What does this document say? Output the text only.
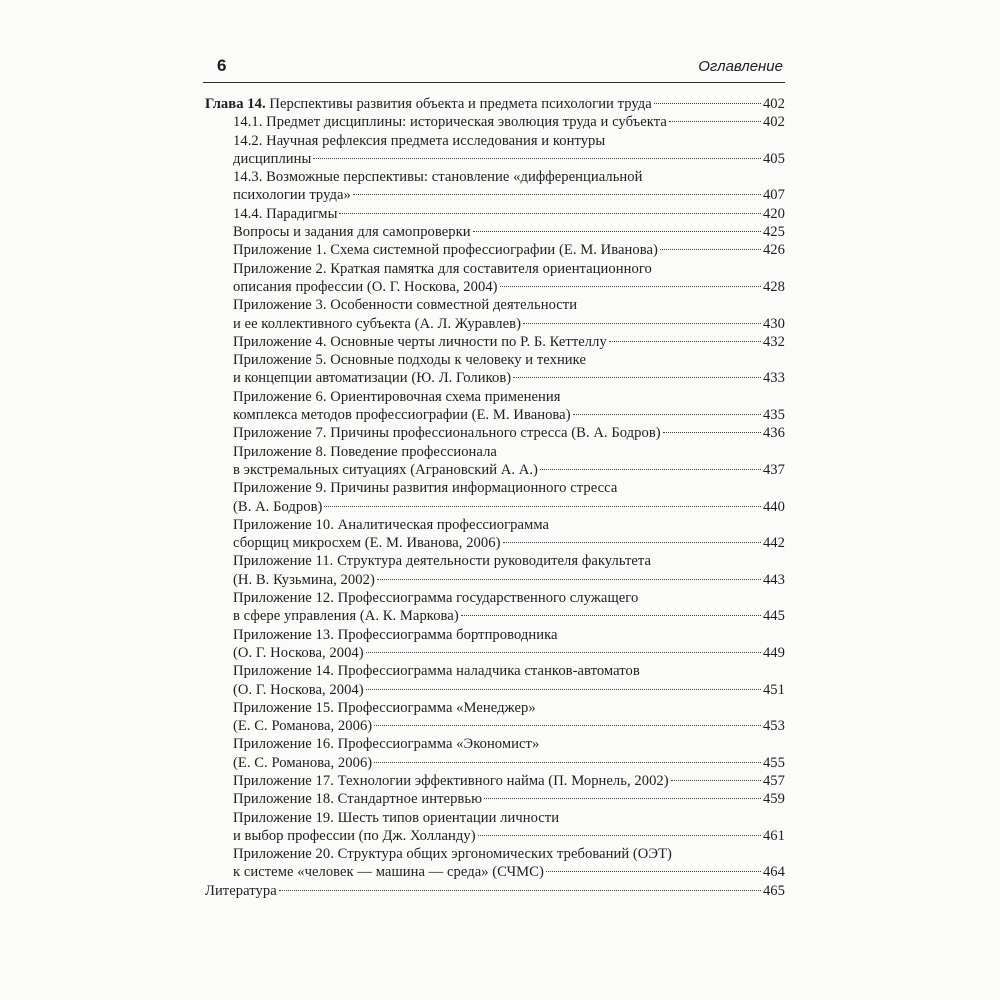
6	Оглавление
Глава 14. Перспективы развития объекта и предмета психологии труда	402
14.1. Предмет дисциплины: историческая эволюция труда и субъекта	402
14.2. Научная рефлексия предмета исследования и контуры
дисциплины	405
14.3. Возможные перспективы: становление «дифференциальной
психологии труда»	407
14.4. Парадигмы	420
Вопросы и задания для самопроверки	425
Приложение 1. Схема системной профессиографии (Е. М. Иванова)	426
Приложение 2. Краткая памятка для составителя ориентационного
описания профессии (О. Г. Носкова, 2004)	428
Приложение 3. Особенности совместной деятельности
и ее коллективного субъекта (А. Л. Журавлев)	430
Приложение 4. Основные черты личности по Р. Б. Кеттеллу	432
Приложение 5. Основные подходы к человеку и технике
и концепции автоматизации (Ю. Л. Голиков)	433
Приложение 6. Ориентировочная схема применения
комплекса методов профессиографии (Е. М. Иванова)	435
Приложение 7. Причины профессионального стресса (В. А. Бодров)	436
Приложение 8. Поведение профессионала
в экстремальных ситуациях (Аграновский А. А.)	437
Приложение 9. Причины развития информационного стресса
(В. А. Бодров)	440
Приложение 10. Аналитическая профессиограмма
сборщиц микросхем (Е. М. Иванова, 2006)	442
Приложение 11. Структура деятельности руководителя факультета
(Н. В. Кузьмина, 2002)	443
Приложение 12. Профессиограмма государственного служащего
в сфере управления (А. К. Маркова)	445
Приложение 13. Профессиограмма бортпроводника
(О. Г. Носкова, 2004)	449
Приложение 14. Профессиограмма наладчика станков-автоматов
(О. Г. Носкова, 2004)	451
Приложение 15. Профессиограмма «Менеджер»
(Е. С. Романова, 2006)	453
Приложение 16. Профессиограмма «Экономист»
(Е. С. Романова, 2006)	455
Приложение 17. Технологии эффективного найма (П. Морнель, 2002)	457
Приложение 18. Стандартное интервью	459
Приложение 19. Шесть типов ориентации личности
и выбор профессии (по Дж. Холланду)	461
Приложение 20. Структура общих эргономических требований (ОЭТ)
к системе «человек — машина — среда» (СЧМС)	464
Литература	465
